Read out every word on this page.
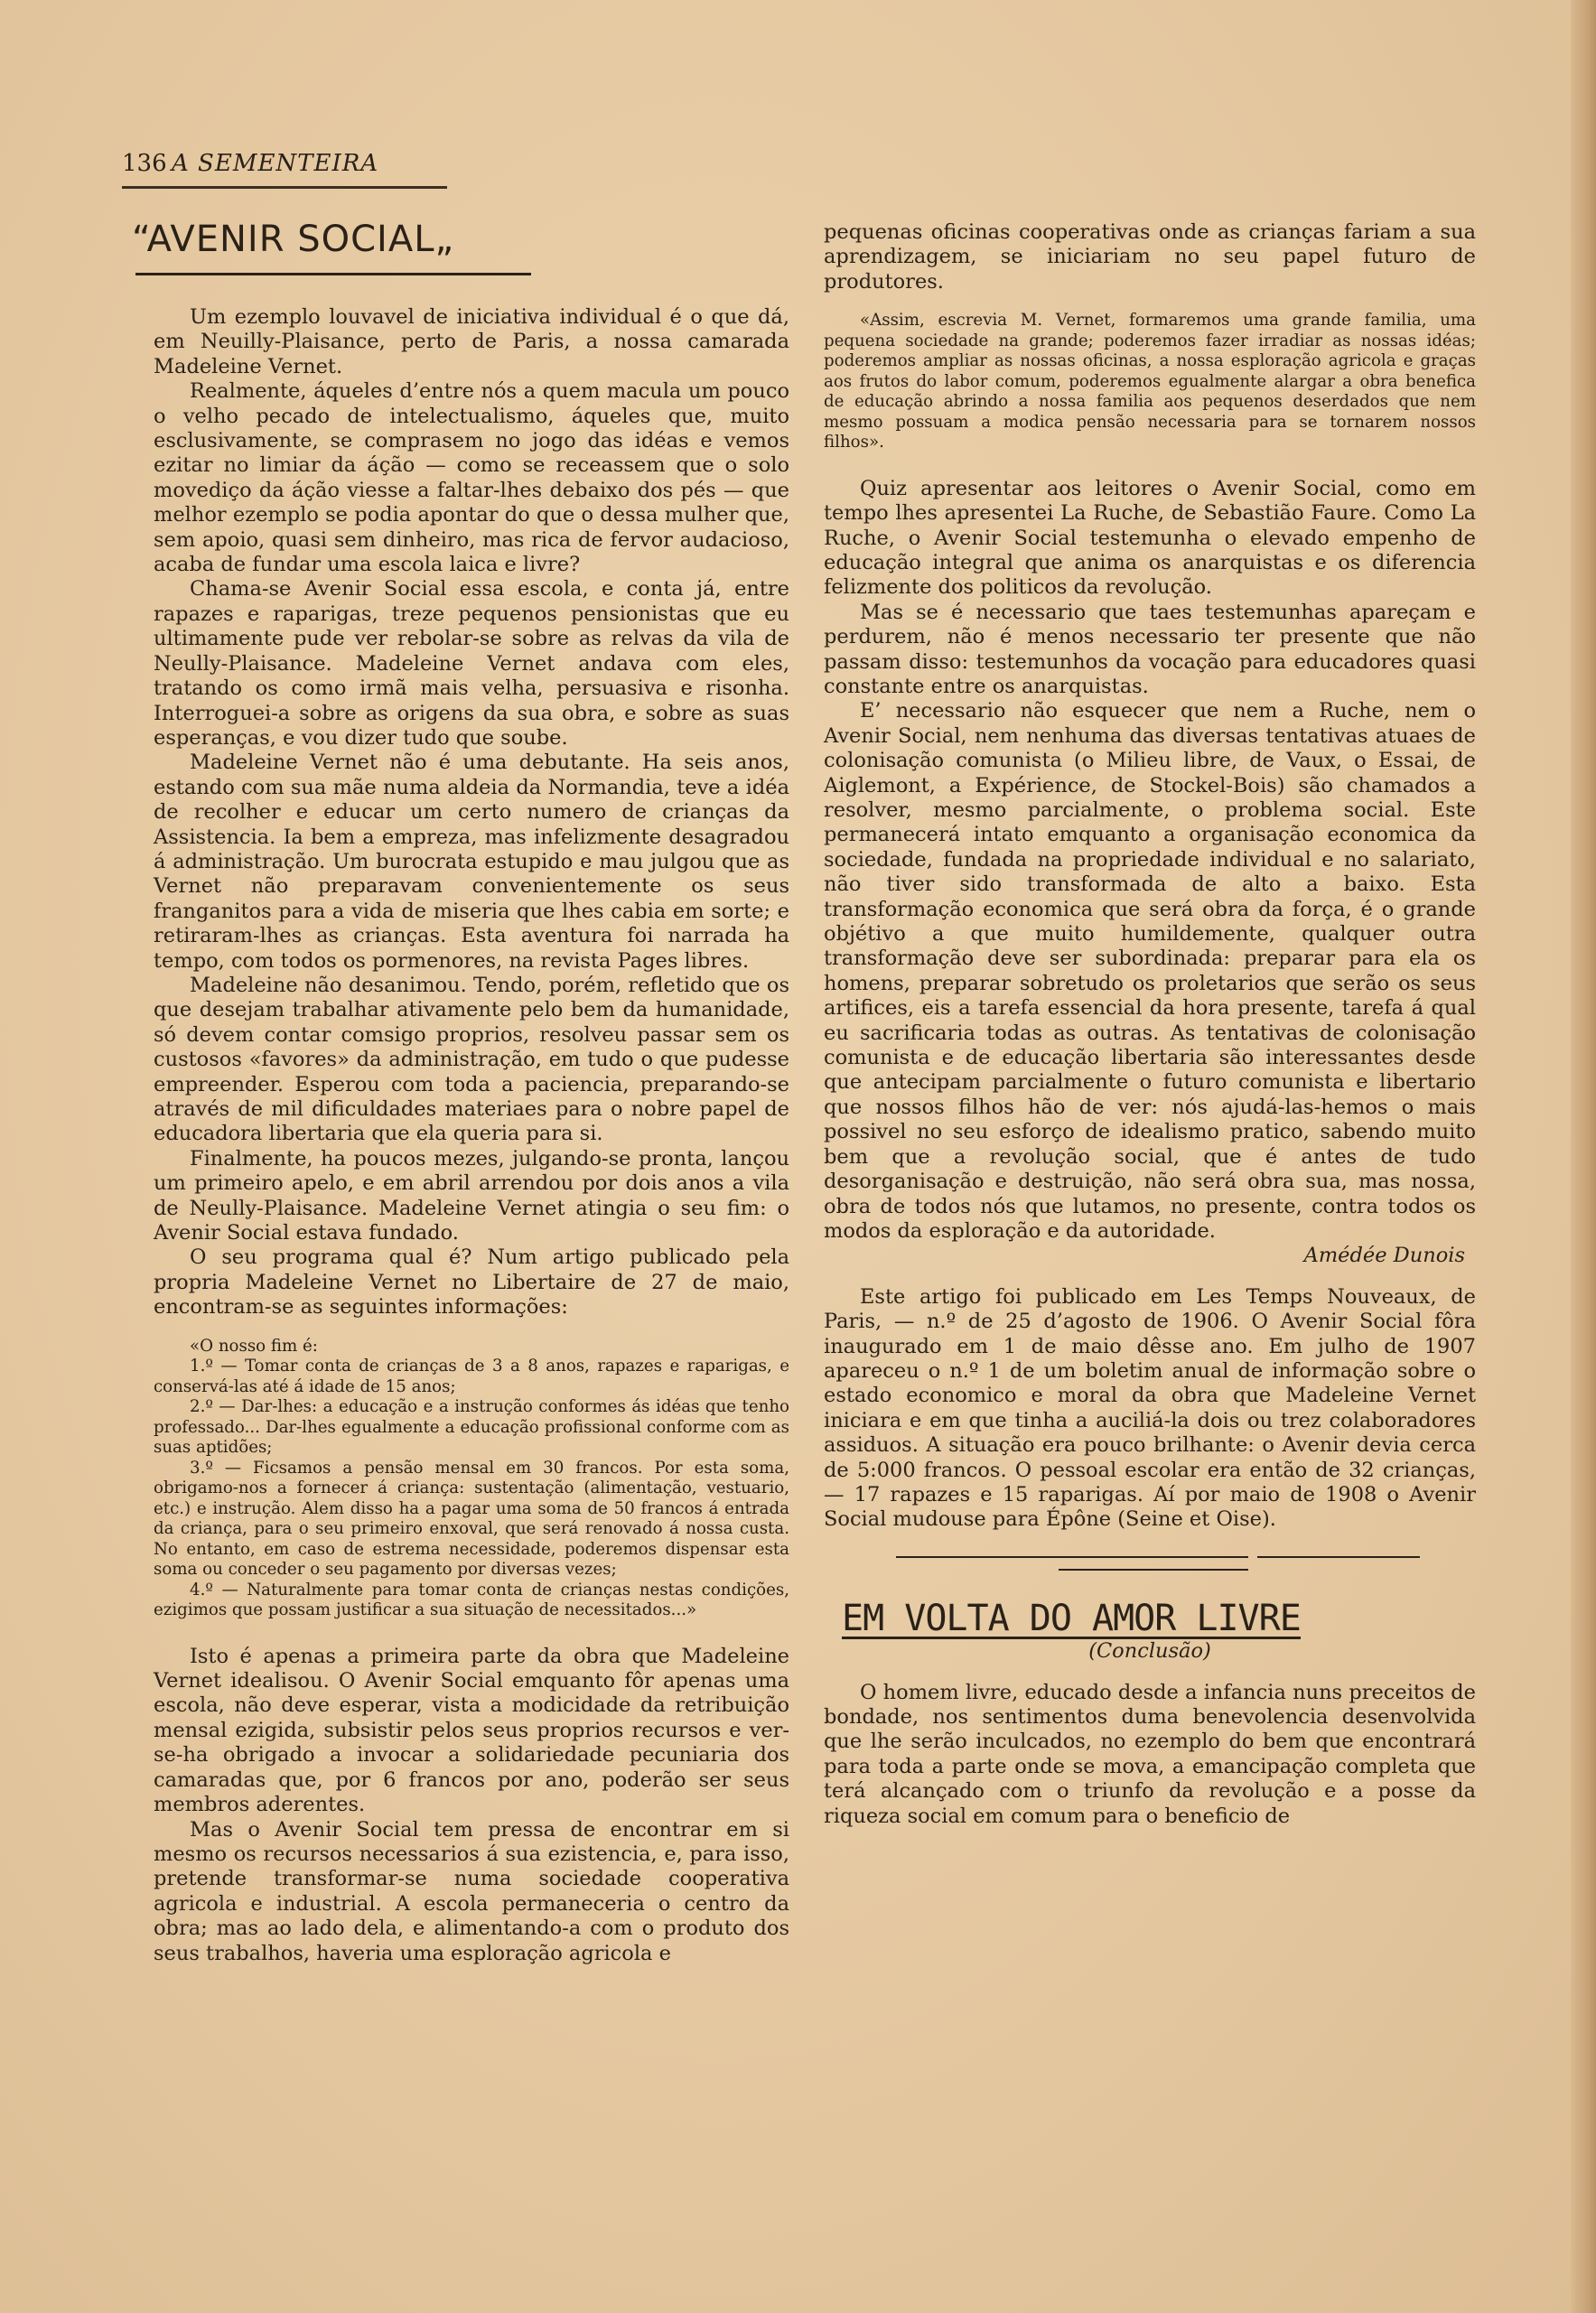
136 A SEMENTEIRA
“AVENIR SOCIAL„

Um ezemplo louvavel de iniciativa individual é o que dá, em Neuilly-Plaisance, perto de Paris, a nossa camarada Madeleine Vernet.

Realmente, áqueles d’entre nós a quem macula um pouco o velho pecado de intelectualismo, áqueles que, muito esclusivamente, se comprasem no jogo das idéas e vemos ezitar no limiar da áção — como se receassem que o solo movediço da áção viesse a faltar-lhes debaixo dos pés — que melhor ezemplo se podia apontar do que o dessa mulher que, sem apoio, quasi sem dinheiro, mas rica de fervor audacioso, acaba de fundar uma escola laica e livre?

Chama-se Avenir Social essa escola, e conta já, entre rapazes e raparigas, treze pequenos pensionistas que eu ultimamente pude ver rebolar-se sobre as relvas da vila de Neully-Plaisance. Madeleine Vernet andava com eles, tratando os como irmã mais velha, persuasiva e risonha. Interroguei-a sobre as origens da sua obra, e sobre as suas esperanças, e vou dizer tudo que soube.

Madeleine Vernet não é uma debutante. Ha seis anos, estando com sua mãe numa aldeia da Normandia, teve a idéa de recolher e educar um certo numero de crianças da Assistencia. Ia bem a empreza, mas infelizmente desagradou á administração. Um burocrata estupido e mau julgou que as Vernet não preparavam convenientemente os seus franganitos para a vida de miseria que lhes cabia em sorte; e retiraram-lhes as crianças. Esta aventura foi narrada ha tempo, com todos os pormenores, na revista Pages libres.

Madeleine não desanimou. Tendo, porém, refletido que os que desejam trabalhar ativamente pelo bem da humanidade, só devem contar comsigo proprios, resolveu passar sem os custosos «favores» da administração, em tudo o que pudesse empreender. Esperou com toda a paciencia, preparando-se através de mil dificuldades materiaes para o nobre papel de educadora libertaria que ela queria para si.

Finalmente, ha poucos mezes, julgando-se pronta, lançou um primeiro apelo, e em abril arrendou por dois anos a vila de Neully-Plaisance. Madeleine Vernet atingia o seu fim: o Avenir Social estava fundado.

O seu programa qual é? Num artigo publicado pela propria Madeleine Vernet no Libertaire de 27 de maio, encontram-se as seguintes informações:

«O nosso fim é:

1.º — Tomar conta de crianças de 3 a 8 anos, rapazes e raparigas, e conservá-las até á idade de 15 anos;

2.º — Dar-lhes: a educação e a instrução conformes ás idéas que tenho professado... Dar-lhes egualmente a educação profissional conforme com as suas aptidões;

3.º — Ficsamos a pensão mensal em 30 francos. Por esta soma, obrigamo-nos a fornecer á criança: sustentação (alimentação, vestuario, etc.) e instrução. Alem disso ha a pagar uma soma de 50 francos á entrada da criança, para o seu primeiro enxoval, que será renovado á nossa custa. No entanto, em caso de estrema necessidade, poderemos dispensar esta soma ou conceder o seu pagamento por diversas vezes;

4.º — Naturalmente para tomar conta de crianças nestas condições, ezigimos que possam justificar a sua situação de necessitados...»

Isto é apenas a primeira parte da obra que Madeleine Vernet idealisou. O Avenir Social emquanto fôr apenas uma escola, não deve esperar, vista a modicidade da retribuição mensal ezigida, subsistir pelos seus proprios recursos e ver-se-ha obrigado a invocar a solidariedade pecuniaria dos camaradas que, por 6 francos por ano, poderão ser seus membros aderentes.

Mas o Avenir Social tem pressa de encontrar em si mesmo os recursos necessarios á sua ezistencia, e, para isso, pretende transformar-se numa sociedade cooperativa agricola e industrial. A escola permaneceria o centro da obra; mas ao lado dela, e alimentando-a com o produto dos seus trabalhos, haveria uma esploração agricola e

pequenas oficinas cooperativas onde as crianças fariam a sua aprendizagem, se iniciariam no seu papel futuro de produtores.

«Assim, escrevia M. Vernet, formaremos uma grande familia, uma pequena sociedade na grande; poderemos fazer irradiar as nossas idéas; poderemos ampliar as nossas oficinas, a nossa esploração agricola e graças aos frutos do labor comum, poderemos egualmente alargar a obra benefica de educação abrindo a nossa familia aos pequenos deserdados que nem mesmo possuam a modica pensão necessaria para se tornarem nossos filhos».

Quiz apresentar aos leitores o Avenir Social, como em tempo lhes apresentei La Ruche, de Sebastião Faure. Como La Ruche, o Avenir Social testemunha o elevado empenho de educação integral que anima os anarquistas e os diferencia felizmente dos politicos da revolução.

Mas se é necessario que taes testemunhas apareçam e perdurem, não é menos necessario ter presente que não passam disso: testemunhos da vocação para educadores quasi constante entre os anarquistas.

E’ necessario não esquecer que nem a Ruche, nem o Avenir Social, nem nenhuma das diversas tentativas atuaes de colonisação comunista (o Milieu libre, de Vaux, o Essai, de Aiglemont, a Expérience, de Stockel-Bois) são chamados a resolver, mesmo parcialmente, o problema social. Este permanecerá intato emquanto a organisação economica da sociedade, fundada na propriedade individual e no salariato, não tiver sido transformada de alto a baixo. Esta transformação economica que será obra da força, é o grande objétivo a que muito humildemente, qualquer outra transformação deve ser subordinada: preparar para ela os homens, preparar sobretudo os proletarios que serão os seus artifices, eis a tarefa essencial da hora presente, tarefa á qual eu sacrificaria todas as outras. As tentativas de colonisação comunista e de educação libertaria são interessantes desde que antecipam parcialmente o futuro comunista e libertario que nossos filhos hão de ver: nós ajudá-las-hemos o mais possivel no seu esforço de idealismo pratico, sabendo muito bem que a revolução social, que é antes de tudo desorganisação e destruição, não será obra sua, mas nossa, obra de todos nós que lutamos, no presente, contra todos os modos da esploração e da autoridade.

Amédée Dunois

Este artigo foi publicado em Les Temps Nouveaux, de Paris, — n.º de 25 d’agosto de 1906. O Avenir Social fôra inaugurado em 1 de maio dêsse ano. Em julho de 1907 apareceu o n.º 1 de um boletim anual de informação sobre o estado economico e moral da obra que Madeleine Vernet iniciara e em que tinha a auciliá-la dois ou trez colaboradores assiduos. A situação era pouco brilhante: o Avenir devia cerca de 5:000 francos. O pessoal escolar era então de 32 crianças, — 17 rapazes e 15 raparigas. Aí por maio de 1908 o Avenir Social mudouse para Épône (Seine et Oise).

EM VOLTA DO AMOR LIVRE

(Conclusão)

O homem livre, educado desde a infancia nuns preceitos de bondade, nos sentimentos duma benevolencia desenvolvida que lhe serão inculcados, no ezemplo do bem que encontrará para toda a parte onde se mova, a emancipação completa que terá alcançado com o triunfo da revolução e a posse da riqueza social em comum para o beneficio de
